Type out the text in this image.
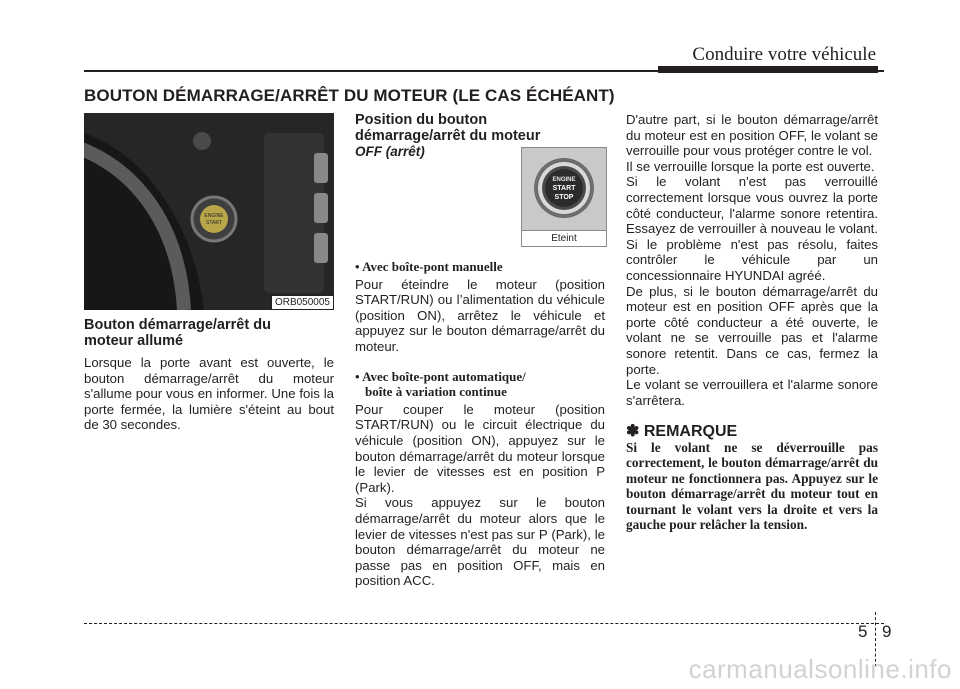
Conduire votre véhicule
BOUTON DÉMARRAGE/ARRÊT DU MOTEUR (LE CAS ÉCHÉANT)
ENGINE
START
ORB050005

Bouton démarrage/arrêt du

moteur allumé

Lorsque la porte avant est ouverte, le bouton démarrage/arrêt du moteur s'allume pour vous en informer. Une fois la porte fermée, la lumière s'éteint au bout de 30 secondes.

Position du bouton

démarrage/arrêt du moteur

OFF (arrêt)

ENGINE
START
STOP
Eteint

• Avec boîte-pont manuelle

Pour éteindre le moteur (position START/RUN) ou l’alimentation du véhicule (position ON), arrêtez le véhicule et appuyez sur le bouton démarrage/arrêt du moteur.

• Avec boîte-pont automatique/

boîte à variation continue

Pour couper le moteur (position START/RUN) ou le circuit électrique du véhicule (position ON), appuyez sur le bouton démarrage/arrêt du moteur lorsque le levier de vitesses est en position P (Park).

Si vous appuyez sur le bouton démarrage/arrêt du moteur alors que le levier de vitesses n'est pas sur P (Park), le bouton démarrage/arrêt du moteur ne passe pas en position OFF, mais en position ACC.

D'autre part, si le bouton démarrage/arrêt du moteur est en position OFF, le volant se verrouille pour vous protéger contre le vol.

Il se verrouille lorsque la porte est ouverte.

Si le volant n'est pas verrouillé correctement lorsque vous ouvrez la porte côté conducteur, l'alarme sonore retentira. Essayez de verrouiller à nouveau le volant. Si le problème n'est pas résolu, faites contrôler le véhicule par un concessionnaire HYUNDAI agréé.

De plus, si le bouton démarrage/arrêt du moteur est en position OFF après que la porte côté conducteur a été ouverte, le volant ne se verrouille pas et l'alarme sonore retentit. Dans ce cas, fermez la porte.

Le volant se verrouillera et l'alarme sonore s'arrêtera.

✽ REMARQUE

Si le volant ne se déverrouille pas correctement, le bouton démarrage/arrêt du moteur ne fonctionnera pas. Appuyez sur le bouton démarrage/arrêt du moteur tout en tournant le volant vers la droite et vers la gauche pour relâcher la tension.

5 9
carmanualsonline.info
